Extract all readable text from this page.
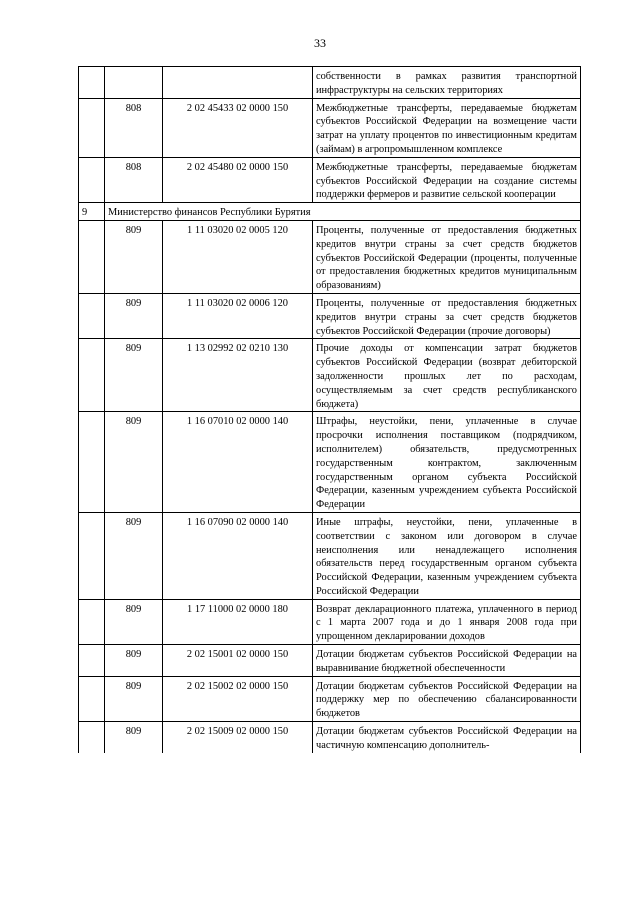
33
			собственности в рамках развития транспортной инфраструктуры на сельских территориях
	808	2 02 45433 02 0000 150	Межбюджетные трансферты, передаваемые бюджетам субъектов Российской Федерации на возмещение части затрат на уплату процентов по инвестиционным кредитам (займам) в агропромышленном комплексе
	808	2 02 45480 02 0000 150	Межбюджетные трансферты, передаваемые бюджетам субъектов Российской Федерации на создание системы поддержки фермеров и развитие сельской кооперации
9	Министерство финансов Республики Бурятия		
	809	1 11 03020 02 0005 120	Проценты, полученные от предоставления бюджетных кредитов внутри страны за счет средств бюджетов субъектов Российской Федерации (проценты, полученные от предоставления бюджетных кредитов муниципальным образованиям)
	809	1 11 03020 02 0006 120	Проценты, полученные от предоставления бюджетных кредитов внутри страны за счет средств бюджетов субъектов Российской Федерации (прочие договоры)
	809	1 13 02992 02 0210 130	Прочие доходы от компенсации затрат бюджетов субъектов Российской Федерации (возврат дебиторской задолженности прошлых лет по расходам, осуществляемым за счет средств республиканского бюджета)
	809	1 16 07010 02 0000 140	Штрафы, неустойки, пени, уплаченные в случае просрочки исполнения поставщиком (подрядчиком, исполнителем) обязательств, предусмотренных государственным контрактом, заключенным государственным органом субъекта Российской Федерации, казенным учреждением субъекта Российской Федерации
	809	1 16 07090 02 0000 140	Иные штрафы, неустойки, пени, уплаченные в соответствии с законом или договором в случае неисполнения или ненадлежащего исполнения обязательств перед государственным органом субъекта Российской Федерации, казенным учреждением субъекта Российской Федерации
	809	1 17 11000 02 0000 180	Возврат декларационного платежа, уплаченного в период с 1 марта 2007 года и до 1 января 2008 года при упрощенном декларировании доходов
	809	2 02 15001 02 0000 150	Дотации бюджетам субъектов Российской Федерации на выравнивание бюджетной обеспеченности
	809	2 02 15002 02 0000 150	Дотации бюджетам субъектов Российской Федерации на поддержку мер по обеспечению сбалансированности бюджетов
	809	2 02 15009 02 0000 150	Дотации бюджетам субъектов Российской Федерации на частичную компенсацию дополнитель-
